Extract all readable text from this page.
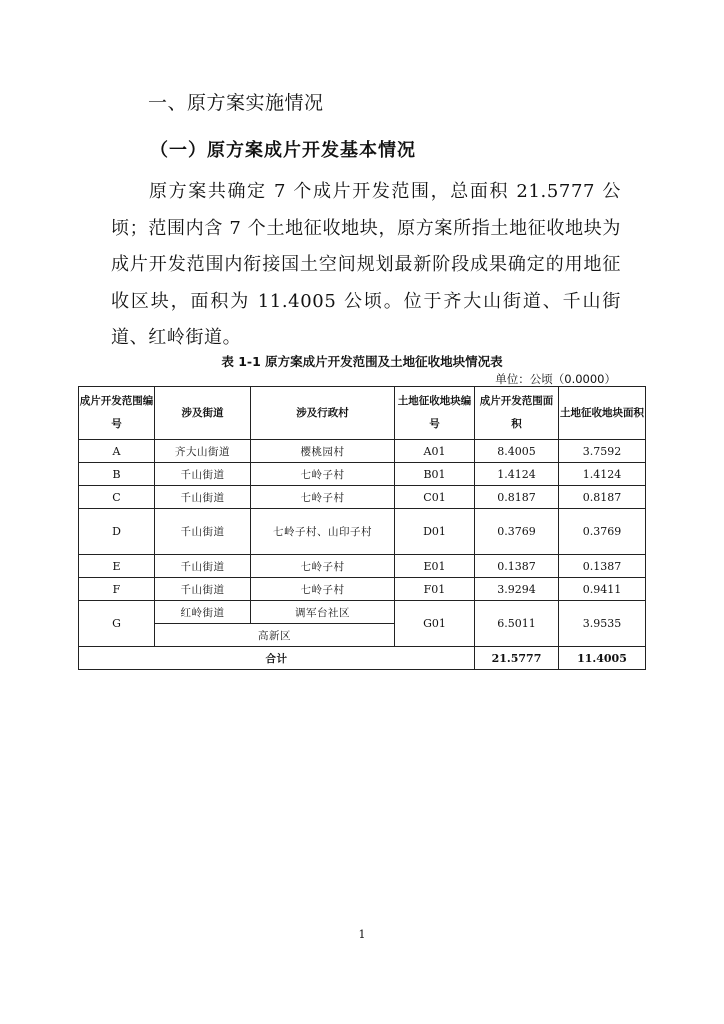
一、原方案实施情况
（一）原方案成片开发基本情况
原方案共确定 7 个成片开发范围，总面积 21.5777 公顷；范围内含 7 个土地征收地块，原方案所指土地征收地块为成片开发范围内衔接国土空间规划最新阶段成果确定的用地征收区块，面积为 11.4005 公顷。位于齐大山街道、千山街道、红岭街道。
表 1-1 原方案成片开发范围及土地征收地块情况表
单位：公顷（0.0000）
成片开发范围编号	涉及街道	涉及行政村	土地征收地块编号	成片开发范围面积	土地征收地块面积
A	齐大山街道	樱桃园村	A01	8.4005	3.7592
B	千山街道	七岭子村	B01	1.4124	1.4124
C	千山街道	七岭子村	C01	0.8187	0.8187
D	千山街道	七岭子村、山印子村	D01	0.3769	0.3769
E	千山街道	七岭子村	E01	0.1387	0.1387
F	千山街道	七岭子村	F01	3.9294	0.9411
G	红岭街道	调军台社区	G01	6.5011	3.9535
	高新区				
合计				21.5777	11.4005
1
